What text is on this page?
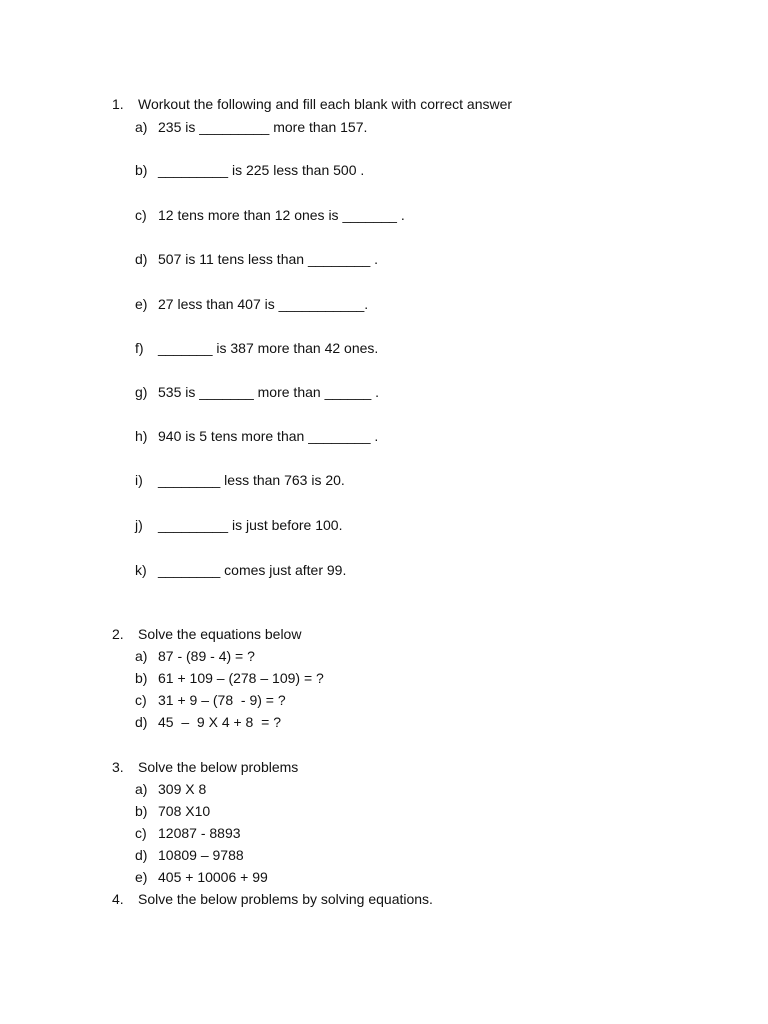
1. Workout the following and fill each blank with correct answer
a) 235 is _________ more than 157.
b) _________ is 225 less than 500 .
c) 12 tens more than 12 ones is _______ .
d) 507 is 11 tens less than ________ .
e) 27 less than 407 is ___________.
f) _______ is 387 more than 42 ones.
g) 535 is _______ more than ______ .
h) 940 is 5 tens more than ________ .
i) ________ less than 763 is 20.
j) _________ is just before 100.
k) ________ comes just after 99.
2. Solve the equations below
a) 87 - (89 - 4) = ?
b) 61 + 109 – (278 – 109) = ?
c) 31 + 9 – (78  - 9) = ?
d) 45  –  9 X 4 + 8  = ?
3. Solve the below problems
a) 309 X 8
b) 708 X10
c) 12087 - 8893
d) 10809 – 9788
e) 405 + 10006 + 99
4. Solve the below problems by solving equations.
